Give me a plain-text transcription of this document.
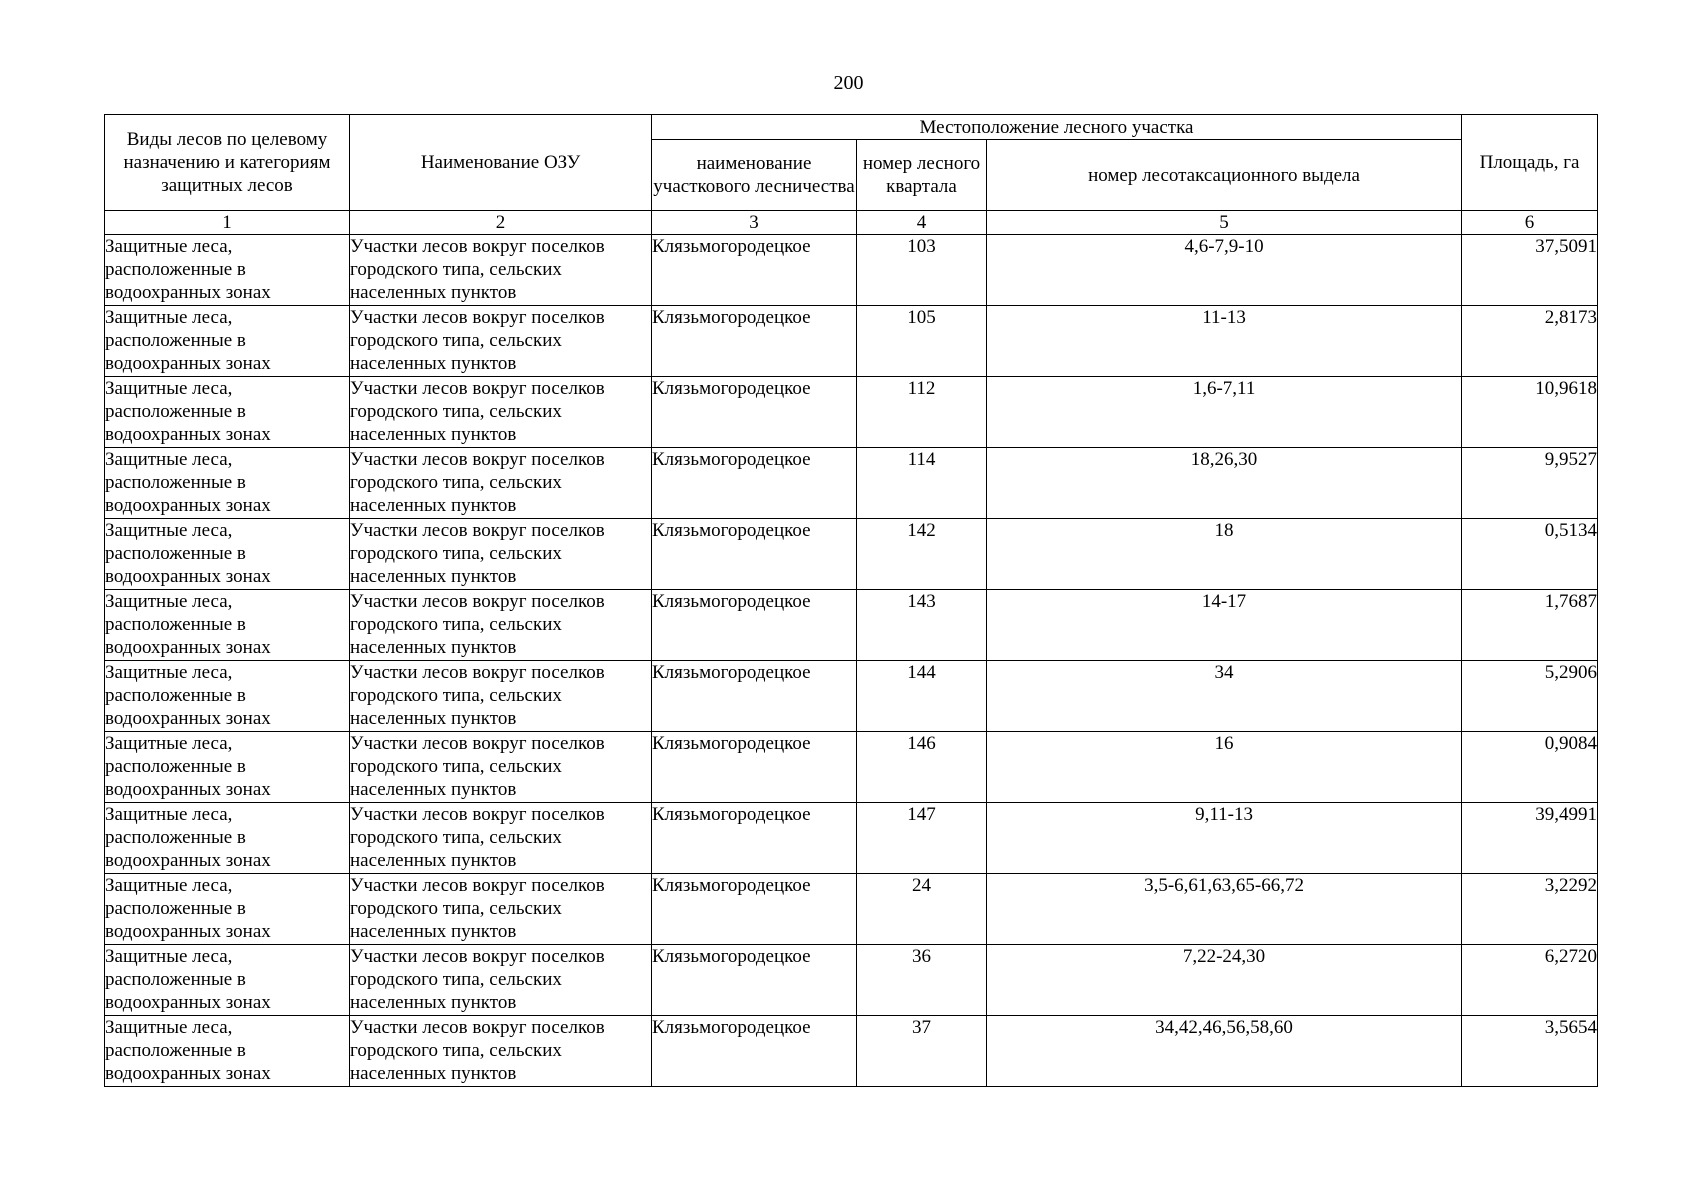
200
Виды лесов по целевому назначению и категориям защитных лесов	Наименование ОЗУ	Местоположение лесного участка			Площадь, га
		наименование участкового лесничества	номер лесного квартала	номер лесотаксационного выдела	
1	2	3	4	5	6
Защитные леса, расположенные в водоохранных зонах	Участки лесов вокруг поселков городского типа, сельских населенных пунктов	Клязьмогородецкое	103	4,6-7,9-10	37,5091
Защитные леса, расположенные в водоохранных зонах	Участки лесов вокруг поселков городского типа, сельских населенных пунктов	Клязьмогородецкое	105	11-13	2,8173
Защитные леса, расположенные в водоохранных зонах	Участки лесов вокруг поселков городского типа, сельских населенных пунктов	Клязьмогородецкое	112	1,6-7,11	10,9618
Защитные леса, расположенные в водоохранных зонах	Участки лесов вокруг поселков городского типа, сельских населенных пунктов	Клязьмогородецкое	114	18,26,30	9,9527
Защитные леса, расположенные в водоохранных зонах	Участки лесов вокруг поселков городского типа, сельских населенных пунктов	Клязьмогородецкое	142	18	0,5134
Защитные леса, расположенные в водоохранных зонах	Участки лесов вокруг поселков городского типа, сельских населенных пунктов	Клязьмогородецкое	143	14-17	1,7687
Защитные леса, расположенные в водоохранных зонах	Участки лесов вокруг поселков городского типа, сельских населенных пунктов	Клязьмогородецкое	144	34	5,2906
Защитные леса, расположенные в водоохранных зонах	Участки лесов вокруг поселков городского типа, сельских населенных пунктов	Клязьмогородецкое	146	16	0,9084
Защитные леса, расположенные в водоохранных зонах	Участки лесов вокруг поселков городского типа, сельских населенных пунктов	Клязьмогородецкое	147	9,11-13	39,4991
Защитные леса, расположенные в водоохранных зонах	Участки лесов вокруг поселков городского типа, сельских населенных пунктов	Клязьмогородецкое	24	3,5-6,61,63,65-66,72	3,2292
Защитные леса, расположенные в водоохранных зонах	Участки лесов вокруг поселков городского типа, сельских населенных пунктов	Клязьмогородецкое	36	7,22-24,30	6,2720
Защитные леса, расположенные в водоохранных зонах	Участки лесов вокруг поселков городского типа, сельских населенных пунктов	Клязьмогородецкое	37	34,42,46,56,58,60	3,5654
